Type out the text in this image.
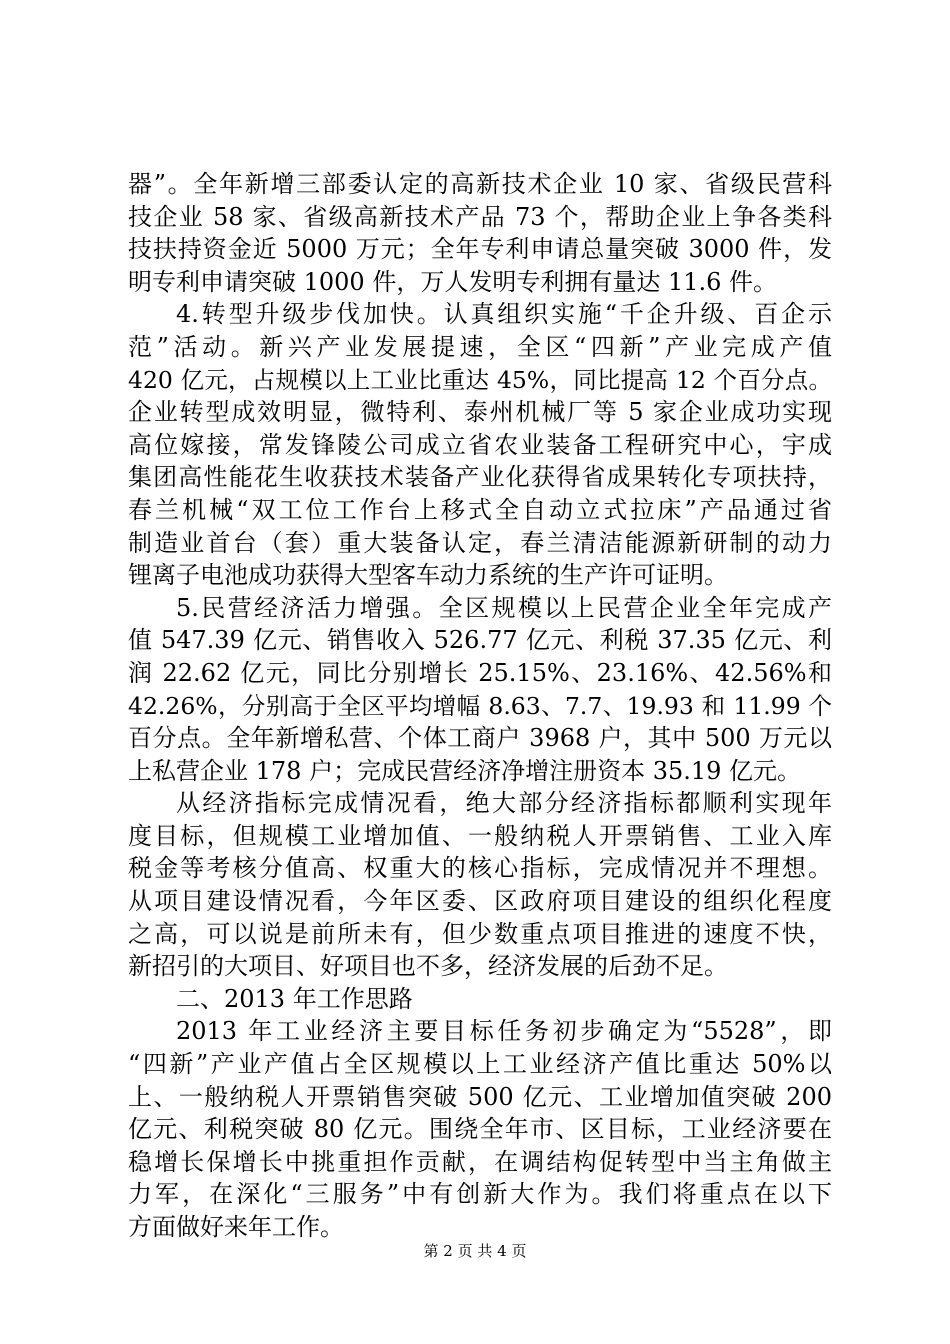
器”。全年新增三部委认定的高新技术企业 10 家、省级民营科
技企业 58 家、省级高新技术产品 73 个，帮助企业上争各类科
技扶持资金近 5000 万元；全年专利申请总量突破 3000 件，发
明专利申请突破 1000 件，万人发明专利拥有量达 11.6 件。
4.转型升级步伐加快。认真组织实施“千企升级、百企示
范”活动。新兴产业发展提速，全区“四新”产业完成产值
420 亿元，占规模以上工业比重达 45%，同比提高 12 个百分点。
企业转型成效明显，微特利、泰州机械厂等 5 家企业成功实现
高位嫁接，常发锋陵公司成立省农业装备工程研究中心，宇成
集团高性能花生收获技术装备产业化获得省成果转化专项扶持，
春兰机械“双工位工作台上移式全自动立式拉床”产品通过省
制造业首台（套）重大装备认定，春兰清洁能源新研制的动力
锂离子电池成功获得大型客车动力系统的生产许可证明。
5.民营经济活力增强。全区规模以上民营企业全年完成产
值 547.39 亿元、销售收入 526.77 亿元、利税 37.35 亿元、利
润 22.62 亿元，同比分别增长 25.15%、23.16%、42.56%和
42.26%，分别高于全区平均增幅 8.63、7.7、19.93 和 11.99 个
百分点。全年新增私营、个体工商户 3968 户，其中 500 万元以
上私营企业 178 户；完成民营经济净增注册资本 35.19 亿元。
从经济指标完成情况看，绝大部分经济指标都顺利实现年
度目标，但规模工业增加值、一般纳税人开票销售、工业入库
税金等考核分值高、权重大的核心指标，完成情况并不理想。
从项目建设情况看，今年区委、区政府项目建设的组织化程度
之高，可以说是前所未有，但少数重点项目推进的速度不快，
新招引的大项目、好项目也不多，经济发展的后劲不足。
二、2013 年工作思路
2013 年工业经济主要目标任务初步确定为“5528”，即
“四新”产业产值占全区规模以上工业经济产值比重达 50%以
上、一般纳税人开票销售突破 500 亿元、工业增加值突破 200
亿元、利税突破 80 亿元。围绕全年市、区目标，工业经济要在
稳增长保增长中挑重担作贡献，在调结构促转型中当主角做主
力军，在深化“三服务”中有创新大作为。我们将重点在以下
方面做好来年工作。
第 2 页 共 4 页
